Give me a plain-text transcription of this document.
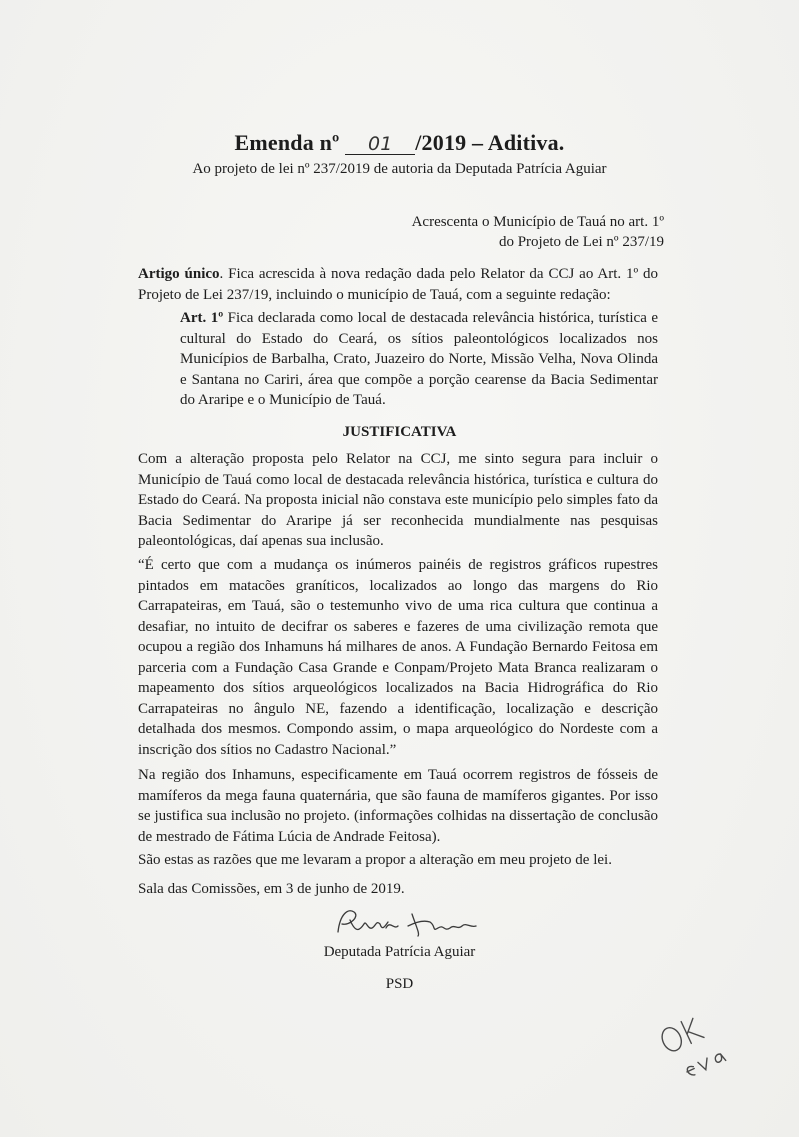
Emenda nº 01 /2019 – Aditiva.
Ao projeto de lei nº 237/2019 de autoria da Deputada Patrícia Aguiar
Acrescenta o Município de Tauá no art. 1º
do Projeto de Lei nº 237/19
Artigo único. Fica acrescida à nova redação dada pelo Relator da CCJ ao Art. 1º do Projeto de Lei 237/19, incluindo o município de Tauá, com a seguinte redação:
Art. 1º Fica declarada como local de destacada relevância histórica, turística e cultural do Estado do Ceará, os sítios paleontológicos localizados nos Municípios de Barbalha, Crato, Juazeiro do Norte, Missão Velha, Nova Olinda e Santana no Cariri, área que compõe a porção cearense da Bacia Sedimentar do Araripe e o Município de Tauá.
JUSTIFICATIVA
Com a alteração proposta pelo Relator na CCJ, me sinto segura para incluir o Município de Tauá como local de destacada relevância histórica, turística e cultura do Estado do Ceará. Na proposta inicial não constava este município pelo simples fato da Bacia Sedimentar do Araripe já ser reconhecida mundialmente nas pesquisas paleontológicas, daí apenas sua inclusão.
“É certo que com a mudança os inúmeros painéis de registros gráficos rupestres pintados em matacões graníticos, localizados ao longo das margens do Rio Carrapateiras, em Tauá, são o testemunho vivo de uma rica cultura que continua a desafiar, no intuito de decifrar os saberes e fazeres de uma civilização remota que ocupou a região dos Inhamuns há milhares de anos. A Fundação Bernardo Feitosa em parceria com a Fundação Casa Grande e Conpam/Projeto Mata Branca realizaram o mapeamento dos sítios arqueológicos localizados na Bacia Hidrográfica do Rio Carrapateiras no ângulo NE, fazendo a identificação, localização e descrição detalhada dos mesmos. Compondo assim, o mapa arqueológico do Nordeste com a inscrição dos sítios no Cadastro Nacional.”
Na região dos Inhamuns, especificamente em Tauá ocorrem registros de fósseis de mamíferos da mega fauna quaternária, que são fauna de mamíferos gigantes. Por isso se justifica sua inclusão no projeto. (informações colhidas na dissertação de conclusão de mestrado de Fátima Lúcia de Andrade Feitosa).
São estas as razões que me levaram a propor a alteração em meu projeto de lei.
Sala das Comissões, em 3 de junho de 2019.
Deputada Patrícia Aguiar
PSD
